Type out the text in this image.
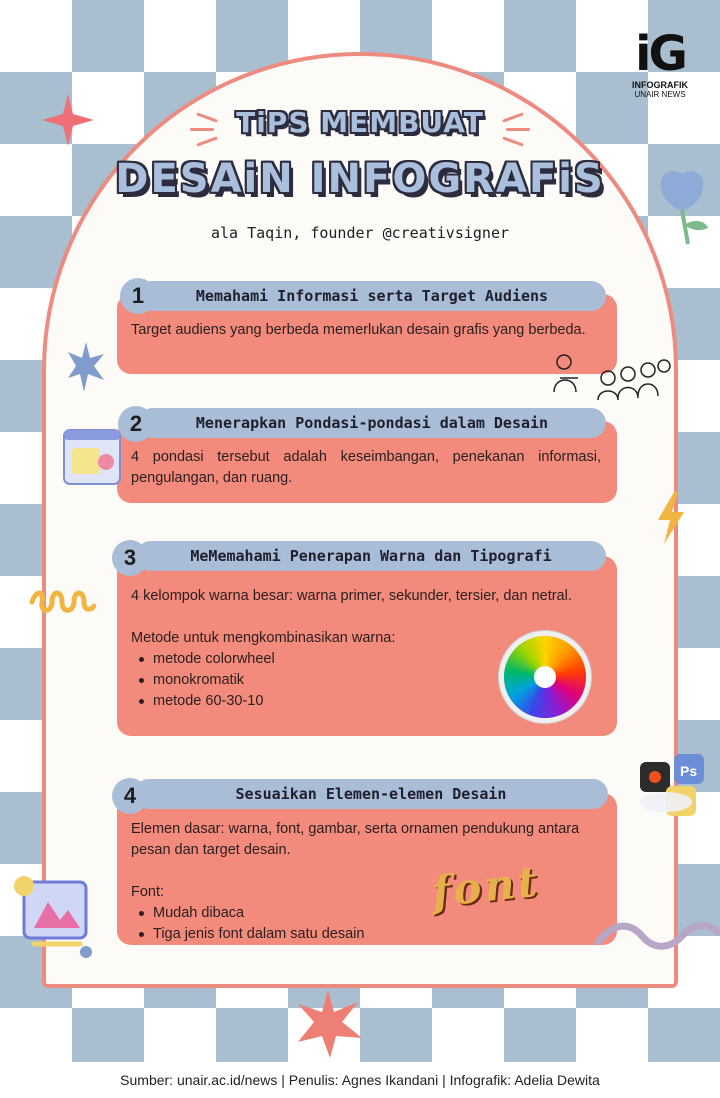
iG
INFOGRAFIK
UNAIR NEWS
TiPS MEMBUAT
DESAiN INFOGRAFiS
ala Taqin, founder @creativsigner
Target audiens yang berbeda memerlukan desain grafis yang berbeda.
Memahami Informasi serta Target Audiens
1
4 pondasi tersebut adalah keseimbangan, penekanan informasi, pengulangan, dan ruang.
Menerapkan Pondasi-pondasi dalam Desain
2
4 kelompok warna besar: warna primer, sekunder, tersier, dan netral.
Metode untuk mengkombinasikan warna:
metode colorwheel
monokromatik
metode 60-30-10
MeMemahami Penerapan Warna dan Tipografi
3
Elemen dasar: warna, font, gambar, serta ornamen pendukung antara pesan dan target desain.
Font:
Mudah dibaca
Tiga jenis font dalam satu desain
Sesuaikan Elemen-elemen Desain
4
font
Ps
Sumber: unair.ac.id/news | Penulis: Agnes Ikandani | Infografik: Adelia Dewita
